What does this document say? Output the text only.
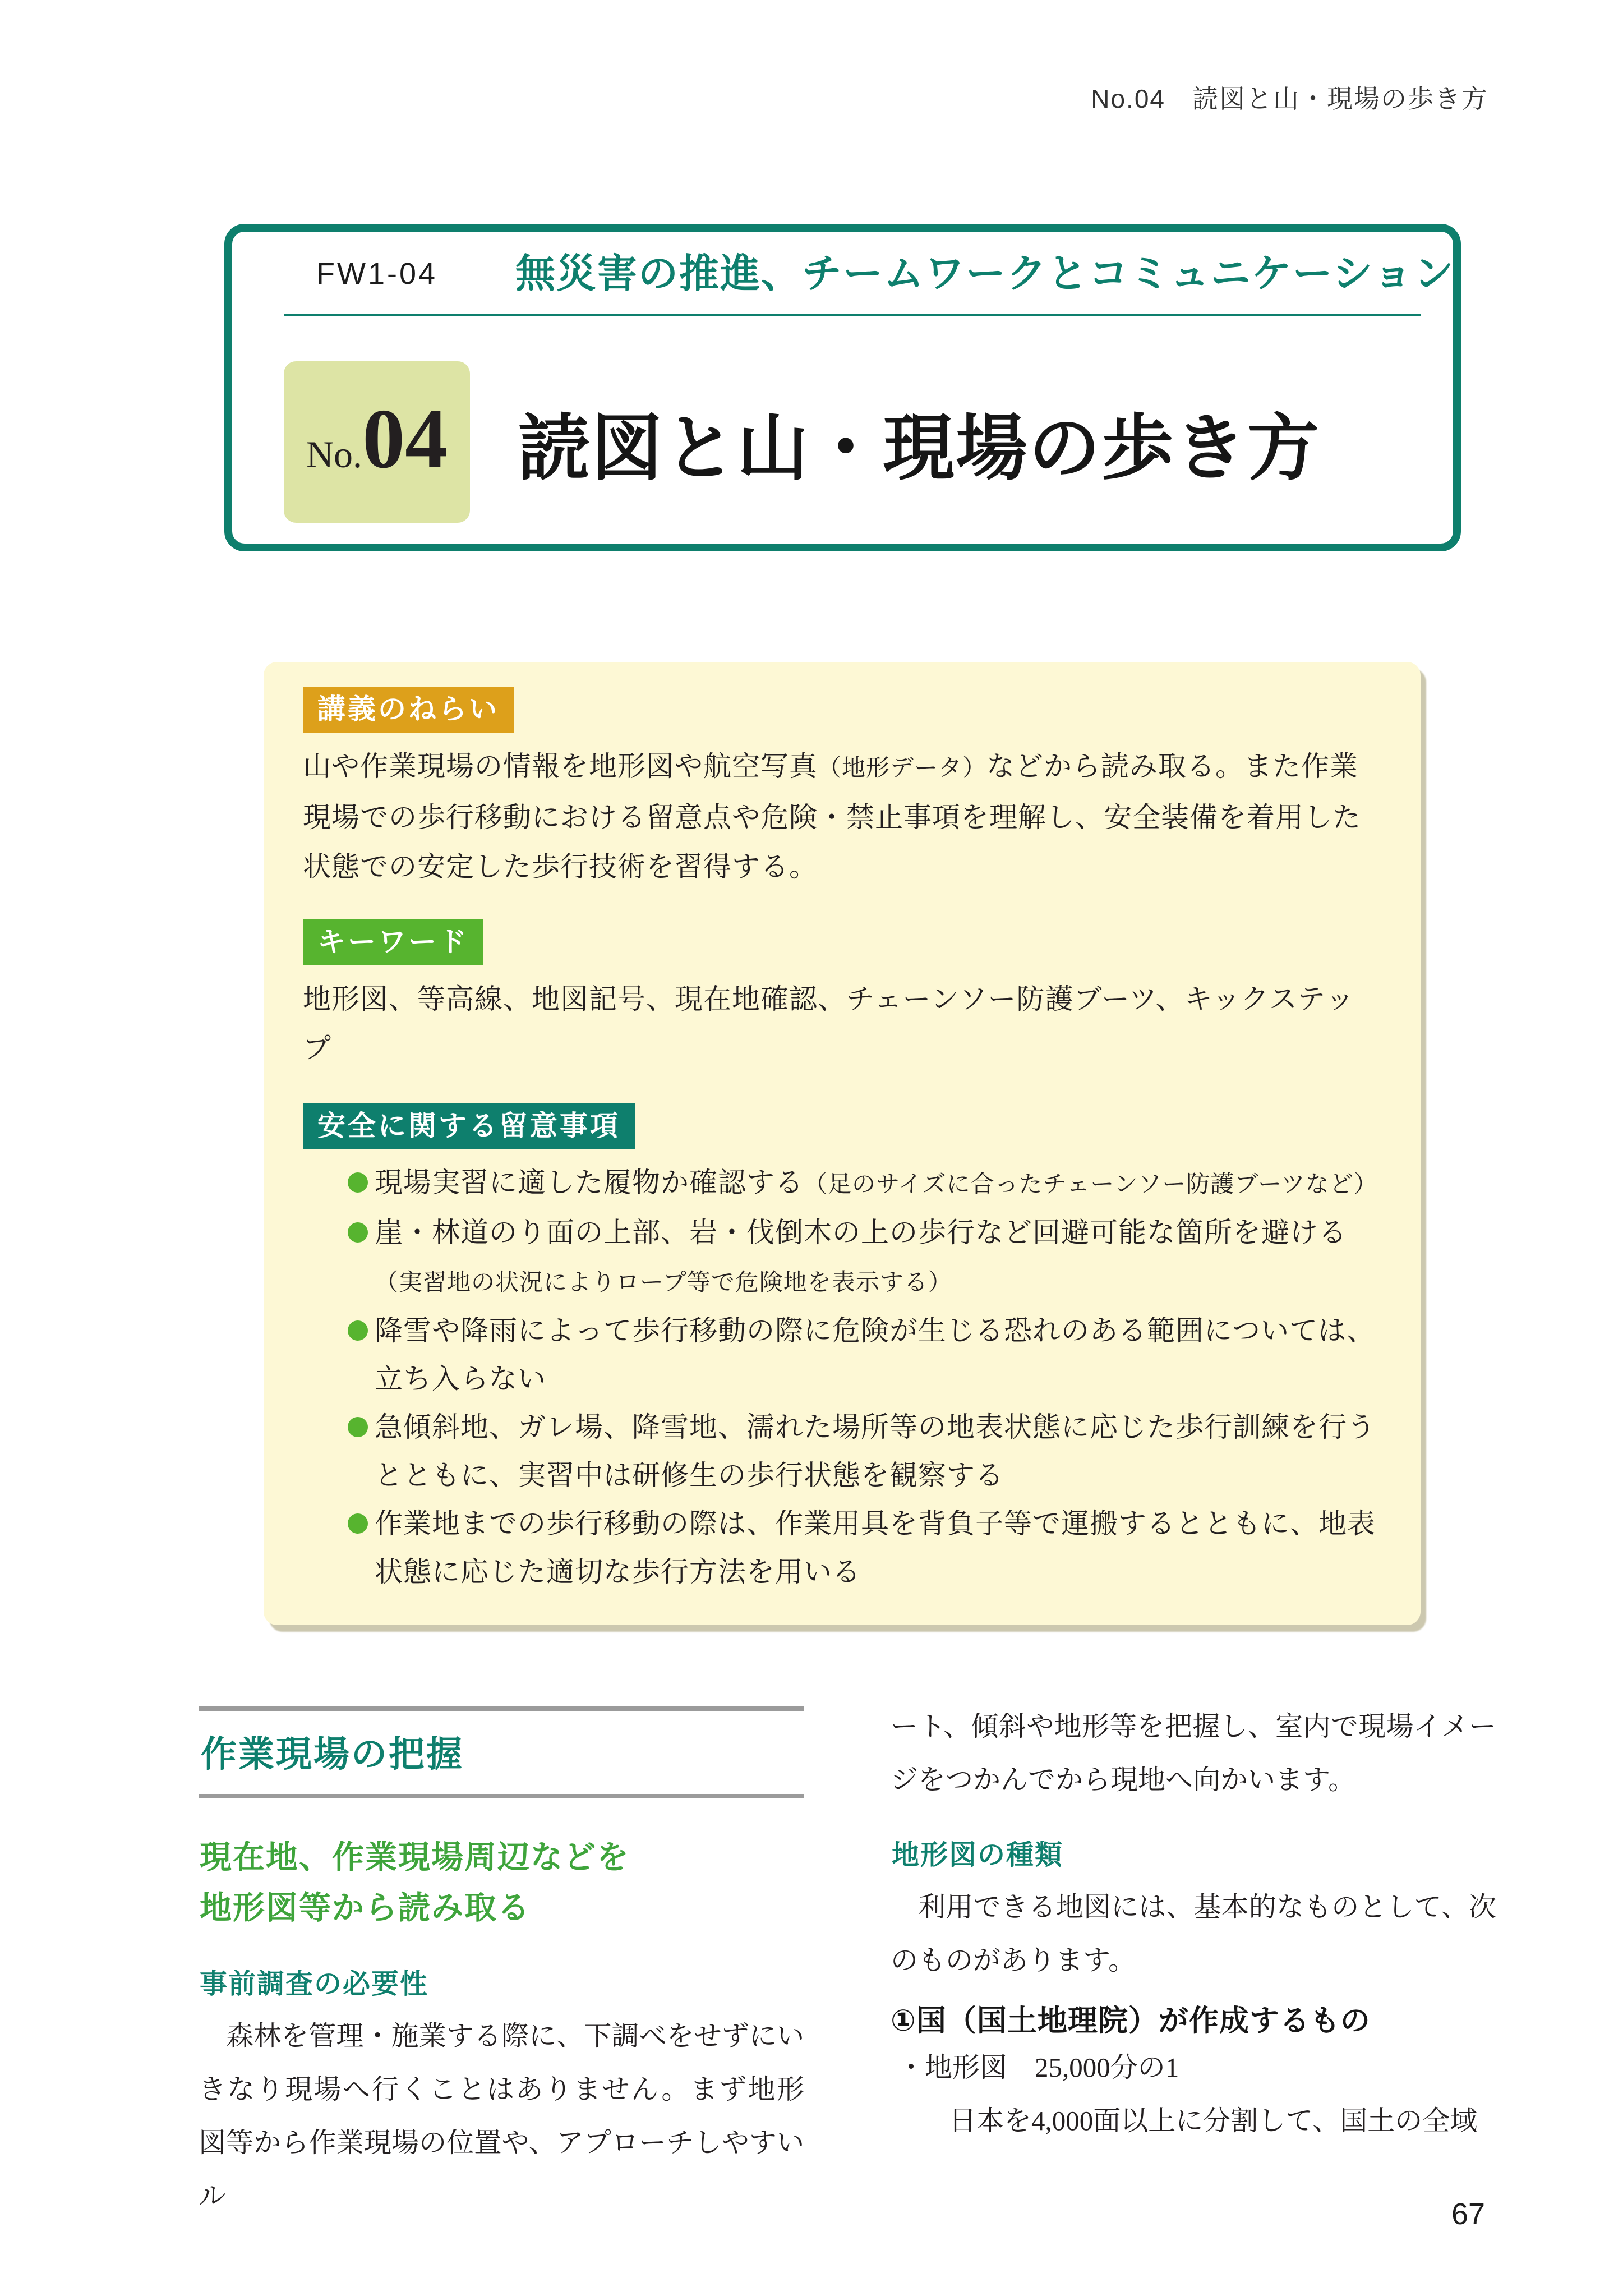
No.04　読図と山・現場の歩き方
FW1-04 無災害の推進、チームワークとコミュニケーション
No. 04 読図と山・現場の歩き方
講義のねらい

山や作業現場の情報を地形図や航空写真（地形データ）などから読み取る。また作業現場での歩行移動における留意点や危険・禁止事項を理解し、安全装備を着用した状態での安定した歩行技術を習得する。

キーワード

地形図、等高線、地図記号、現在地確認、チェーンソー防護ブーツ、キックステップ

安全に関する留意事項
現場実習に適した履物か確認する（足のサイズに合ったチェーンソー防護ブーツなど）
崖・林道のり面の上部、岩・伐倒木の上の歩行など回避可能な箇所を避ける（実習地の状況によりロープ等で危険地を表示する）
降雪や降雨によって歩行移動の際に危険が生じる恐れのある範囲については、立ち入らない
急傾斜地、ガレ場、降雪地、濡れた場所等の地表状態に応じた歩行訓練を行うとともに、実習中は研修生の歩行状態を観察する
作業地までの歩行移動の際は、作業用具を背負子等で運搬するとともに、地表状態に応じた適切な歩行方法を用いる
作業現場の把握
現在地、作業現場周辺などを
地形図等から読み取る
事前調査の必要性

　森林を管理・施業する際に、下調べをせずにいきなり現場へ行くことはありません。まず地形図等から作業現場の位置や、アプローチしやすいル

ート、傾斜や地形等を把握し、室内で現場イメージをつかんでから現地へ向かいます。

地形図の種類

　利用できる地図には、基本的なものとして、次のものがあります。

①国（国土地理院）が作成するもの

・地形図　25,000分の1

日本を4,000面以上に分割して、国土の全域

67
